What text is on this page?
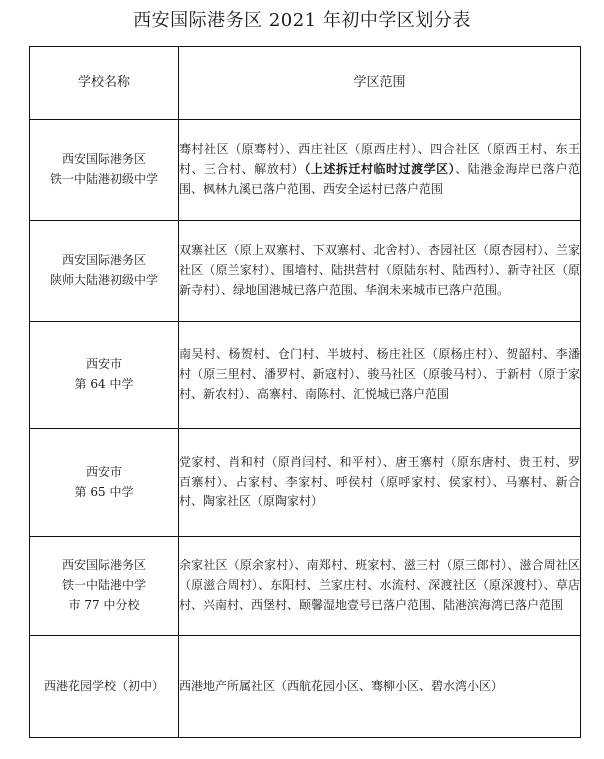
西安国际港务区 2021 年初中学区划分表
学校名称	学区范围

西安国际港务区
铁一中陆港初级中学	骞村社区（原骞村）、西庄社区（原西庄村）、四合社区（原西王村、东王村、三合村、解放村）（上述拆迁村临时过渡学区）、陆港金海岸已落户范围、枫林九溪已落户范围、西安全运村已落户范围

西安国际港务区
陕师大陆港初级中学	双寨社区（原上双寨村、下双寨村、北舍村）、杏园社区（原杏园村）、兰家社区（原兰家村）、围墙村、陆拱营村（原陆东村、陆西村）、新寺社区（原新寺村）、绿地国港城已落户范围、华润未来城市已落户范围。

西安市
第 64 中学	南吴村、杨贺村、仓门村、半坡村、杨庄社区（原杨庄村）、贺韶村、李潘村（原三里村、潘罗村、新寇村）、骏马社区（原骏马村）、于新村（原于家村、新农村）、高寨村、南陈村、汇悦城已落户范围

西安市
第 65 中学	党家村、肖和村（原肖闫村、和平村）、唐王寨村（原东唐村、贵王村、罗百寨村）、占家村、李家村、呼侯村（原呼家村、侯家村）、马寨村、新合村、陶家社区（原陶家村）

西安国际港务区
铁一中陆港中学
市 77 中分校	余家社区（原余家村）、南郑村、班家村、滋三村（原三郎村）、滋合周社区（原滋合周村）、东阳村、兰家庄村、水流村、深渡社区（原深渡村）、草店村、兴南村、西堡村、颐馨湿地壹号已落户范围、陆港滨海湾已落户范围

西港花园学校（初中）	西港地产所属社区（西航花园小区、骞柳小区、碧水湾小区）
